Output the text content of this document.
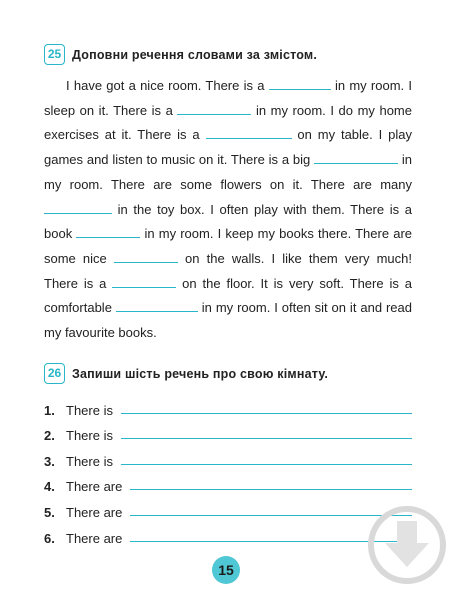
25 Доповни речення словами за змістом.
I have got a nice room. There is a	in my room. I sleep on it. There is a	in my room. I do my home exercises at it. There is a	on my table. I play games and listen to music on it. There is a big	in my room. There are some flowers on it. There are many  in the toy box. I often play with them. There is a book	in my room. I keep my books there. There are some nice	on the walls. I like them very much! There is a	on the floor. It is very soft. There is a comfortable	in my room. I often sit on it and read my favourite books.
26 Запиши шість речень про свою кімнату.
1. There is
2. There is
3. There is
4. There are
5. There are
6. There are
15
